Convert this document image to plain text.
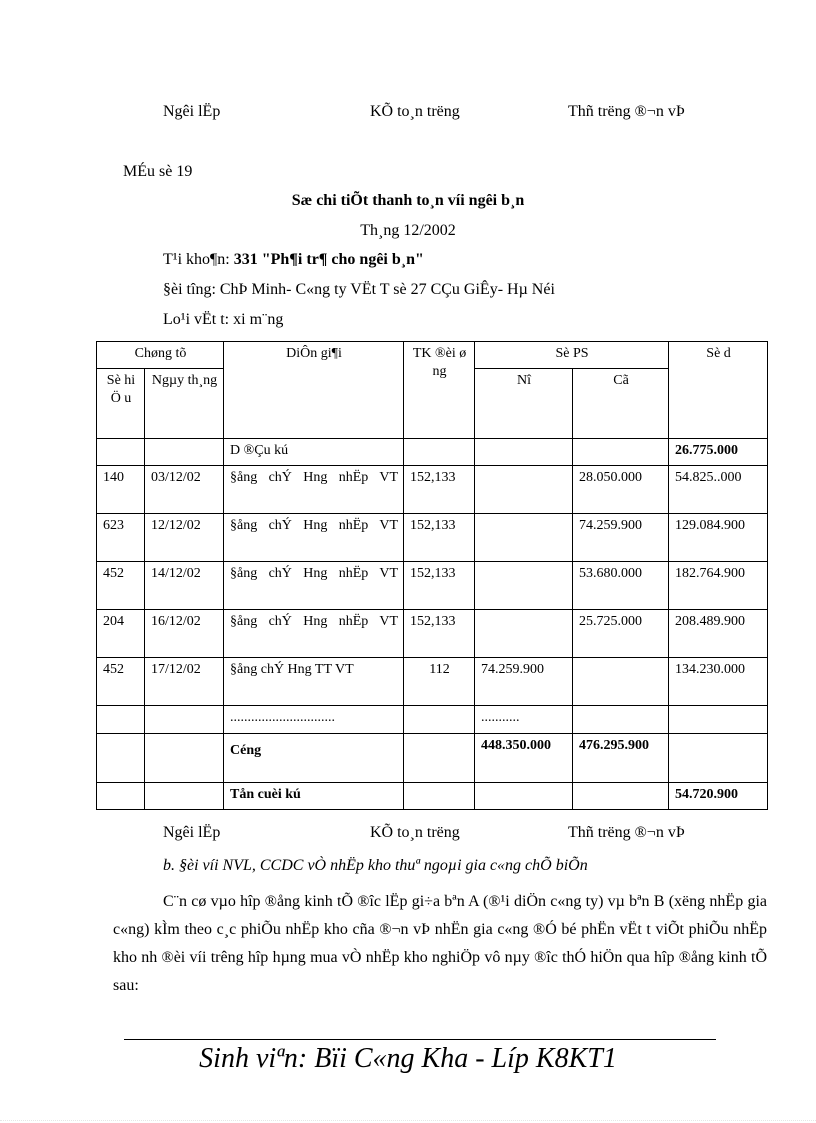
Ngêi lËp	KÕ to¸n trëng	Thñ trëng ®¬n vÞ
MÉu sè 19
Sæ chi tiÕt thanh to¸n víi ngêi b¸n
Th¸ng 12/2002
T¹i kho¶n: 331 "Ph¶i tr¶ cho ngêi b¸n"
§èi tîng: ChÞ Minh- C«ng ty VËt T sè 27 CÇu GiÊy- Hµ Néi
Lo¹i vËt t: xi m¨ng
Chøng tõ		DiÔn gi¶i	TK ®èi øng	Sè PS		Sè d
Sè hiÖ u	Ngµy th¸ng			Nî	Cã	
		D ®Çu kú				26.775.000
140	03/12/02	§ång chÝ Hng nhËp VT	152,133		28.050.000	54.825..000
623	12/12/02	§ång chÝ Hng nhËp VT	152,133		74.259.900	129.084.900
452	14/12/02	§ång chÝ Hng nhËp VT	152,133		53.680.000	182.764.900
204	16/12/02	§ång chÝ Hng nhËp VT	152,133		25.725.000	208.489.900
452	17/12/02	§ång chÝ Hng TT VT	112	74.259.900		134.230.000
		..............................		...........		
		Céng		448.350.000	476.295.900	
		Tån cuèi kú				54.720.900
Ngêi lËp	KÕ to¸n trëng	Thñ trëng ®¬n vÞ
b. §èi víi NVL, CCDC vÒ nhËp kho thuª ngoµi gia c«ng chÕ biÕn
C¨n cø vµo hîp ®ång kinh tÕ ®îc lËp gi÷a bªn A (®¹i diÖn c«ng ty) vµ bªn B (xëng nhËp gia c«ng) kÌm theo c¸c phiÕu nhËp kho cña ®¬n vÞ nhËn gia c«ng ®Ó bé phËn vËt t viÕt phiÕu nhËp kho nh ®èi víi trêng hîp hµng mua vÒ nhËp kho nghiÖp vô nµy ®îc thÓ hiÖn qua hîp ®ång kinh tÕ sau:
Sinh viªn: Bïi C«ng Kha - Líp K8KT1
